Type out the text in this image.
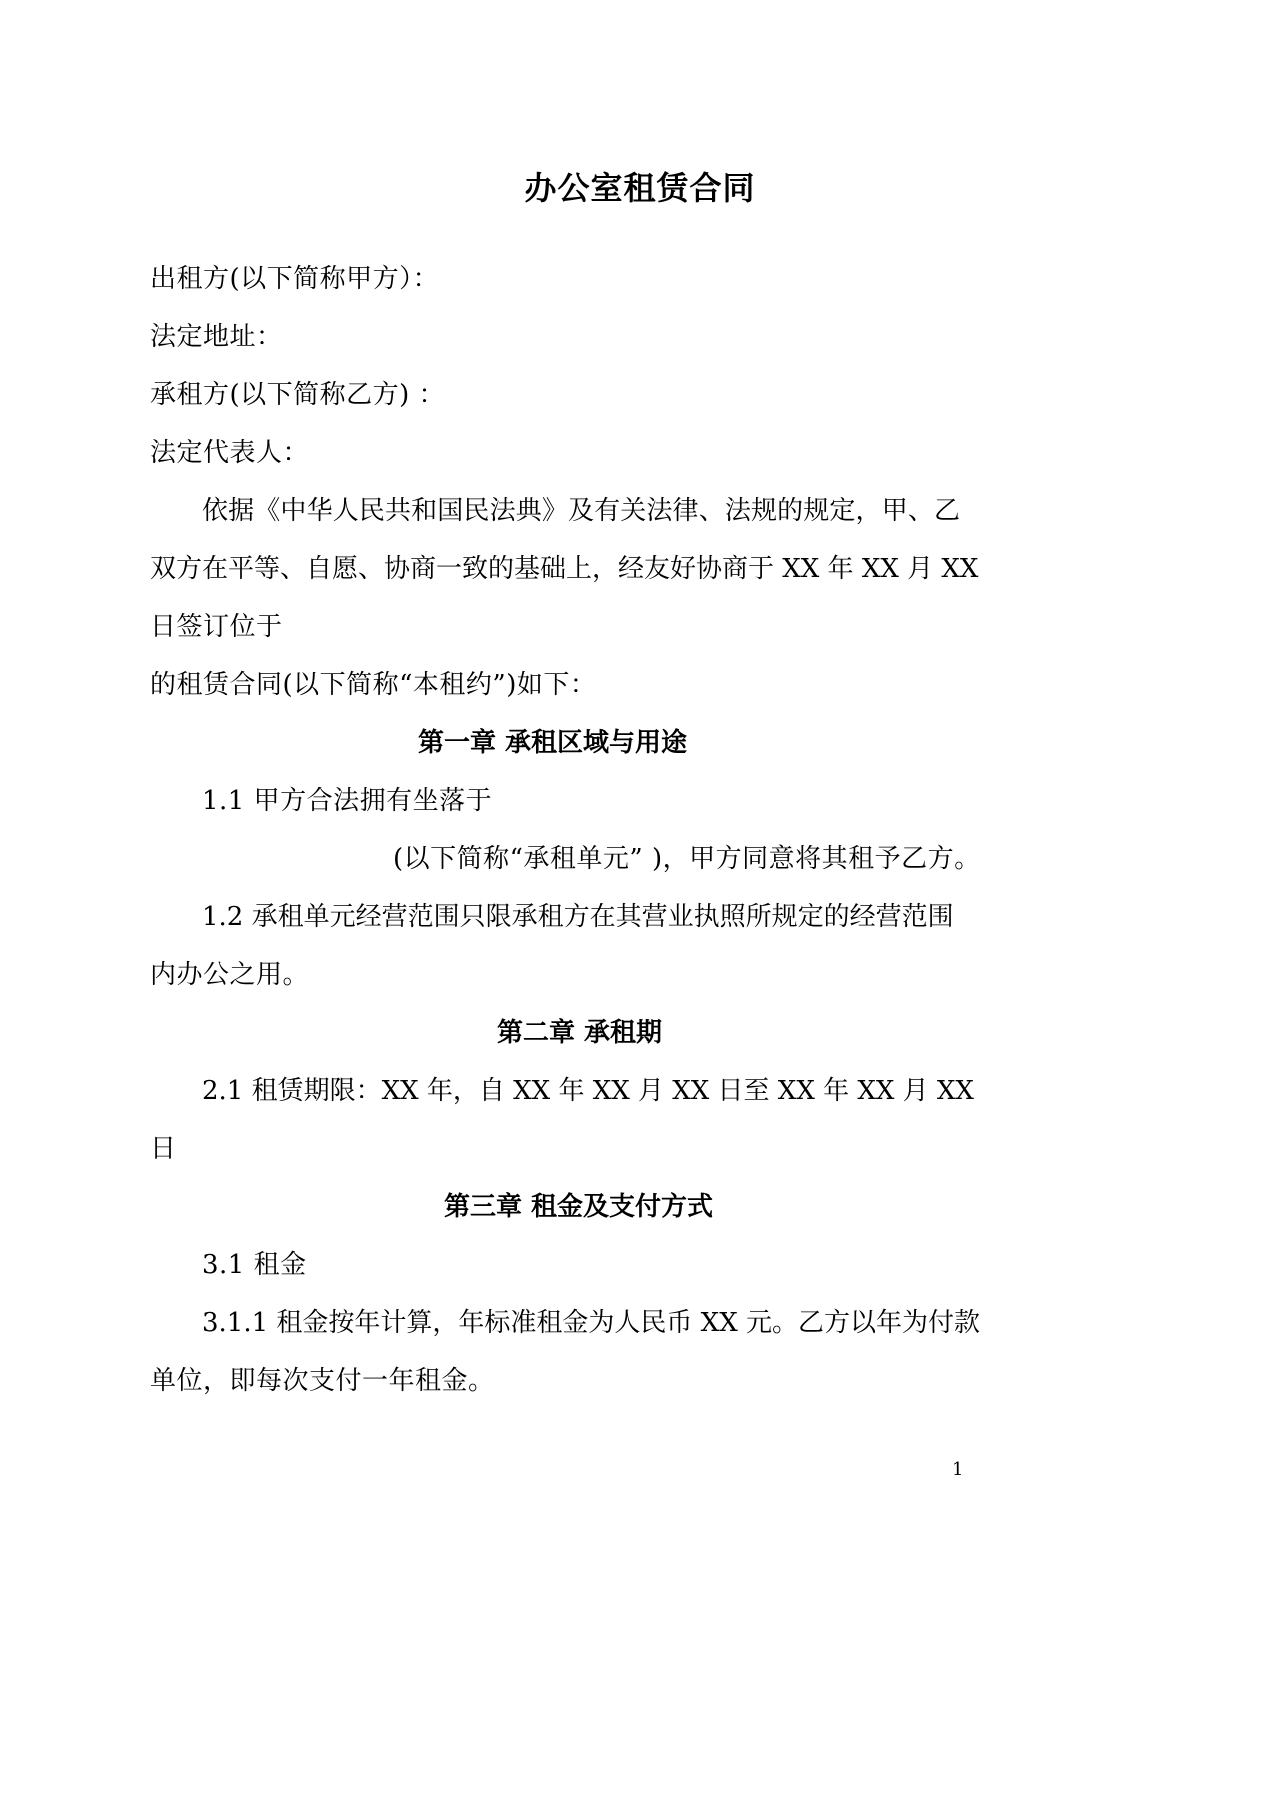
办公室租赁合同
出租方(以下简称甲方）：
法定地址：
承租方(以下简称乙方) ：
法定代表人：
依据《中华人民共和国民法典》及有关法律、法规的规定，甲、乙
双方在平等、自愿、协商一致的基础上，经友好协商于 XX 年 XX 月 XX
日签订位于
的租赁合同(以下简称“本租约”)如下：
第一章 承租区域与用途
1.1 甲方合法拥有坐落于
(以下简称“承租单元” )，甲方同意将其租予乙方。
1.2 承租单元经营范围只限承租方在其营业执照所规定的经营范围
内办公之用。
第二章 承租期
2.1 租赁期限：XX 年，自 XX 年 XX 月 XX 日至 XX 年 XX 月 XX
日
第三章 租金及支付方式
3.1 租金
3.1.1 租金按年计算，年标准租金为人民币 XX 元。乙方以年为付款
单位，即每次支付一年租金。
1
